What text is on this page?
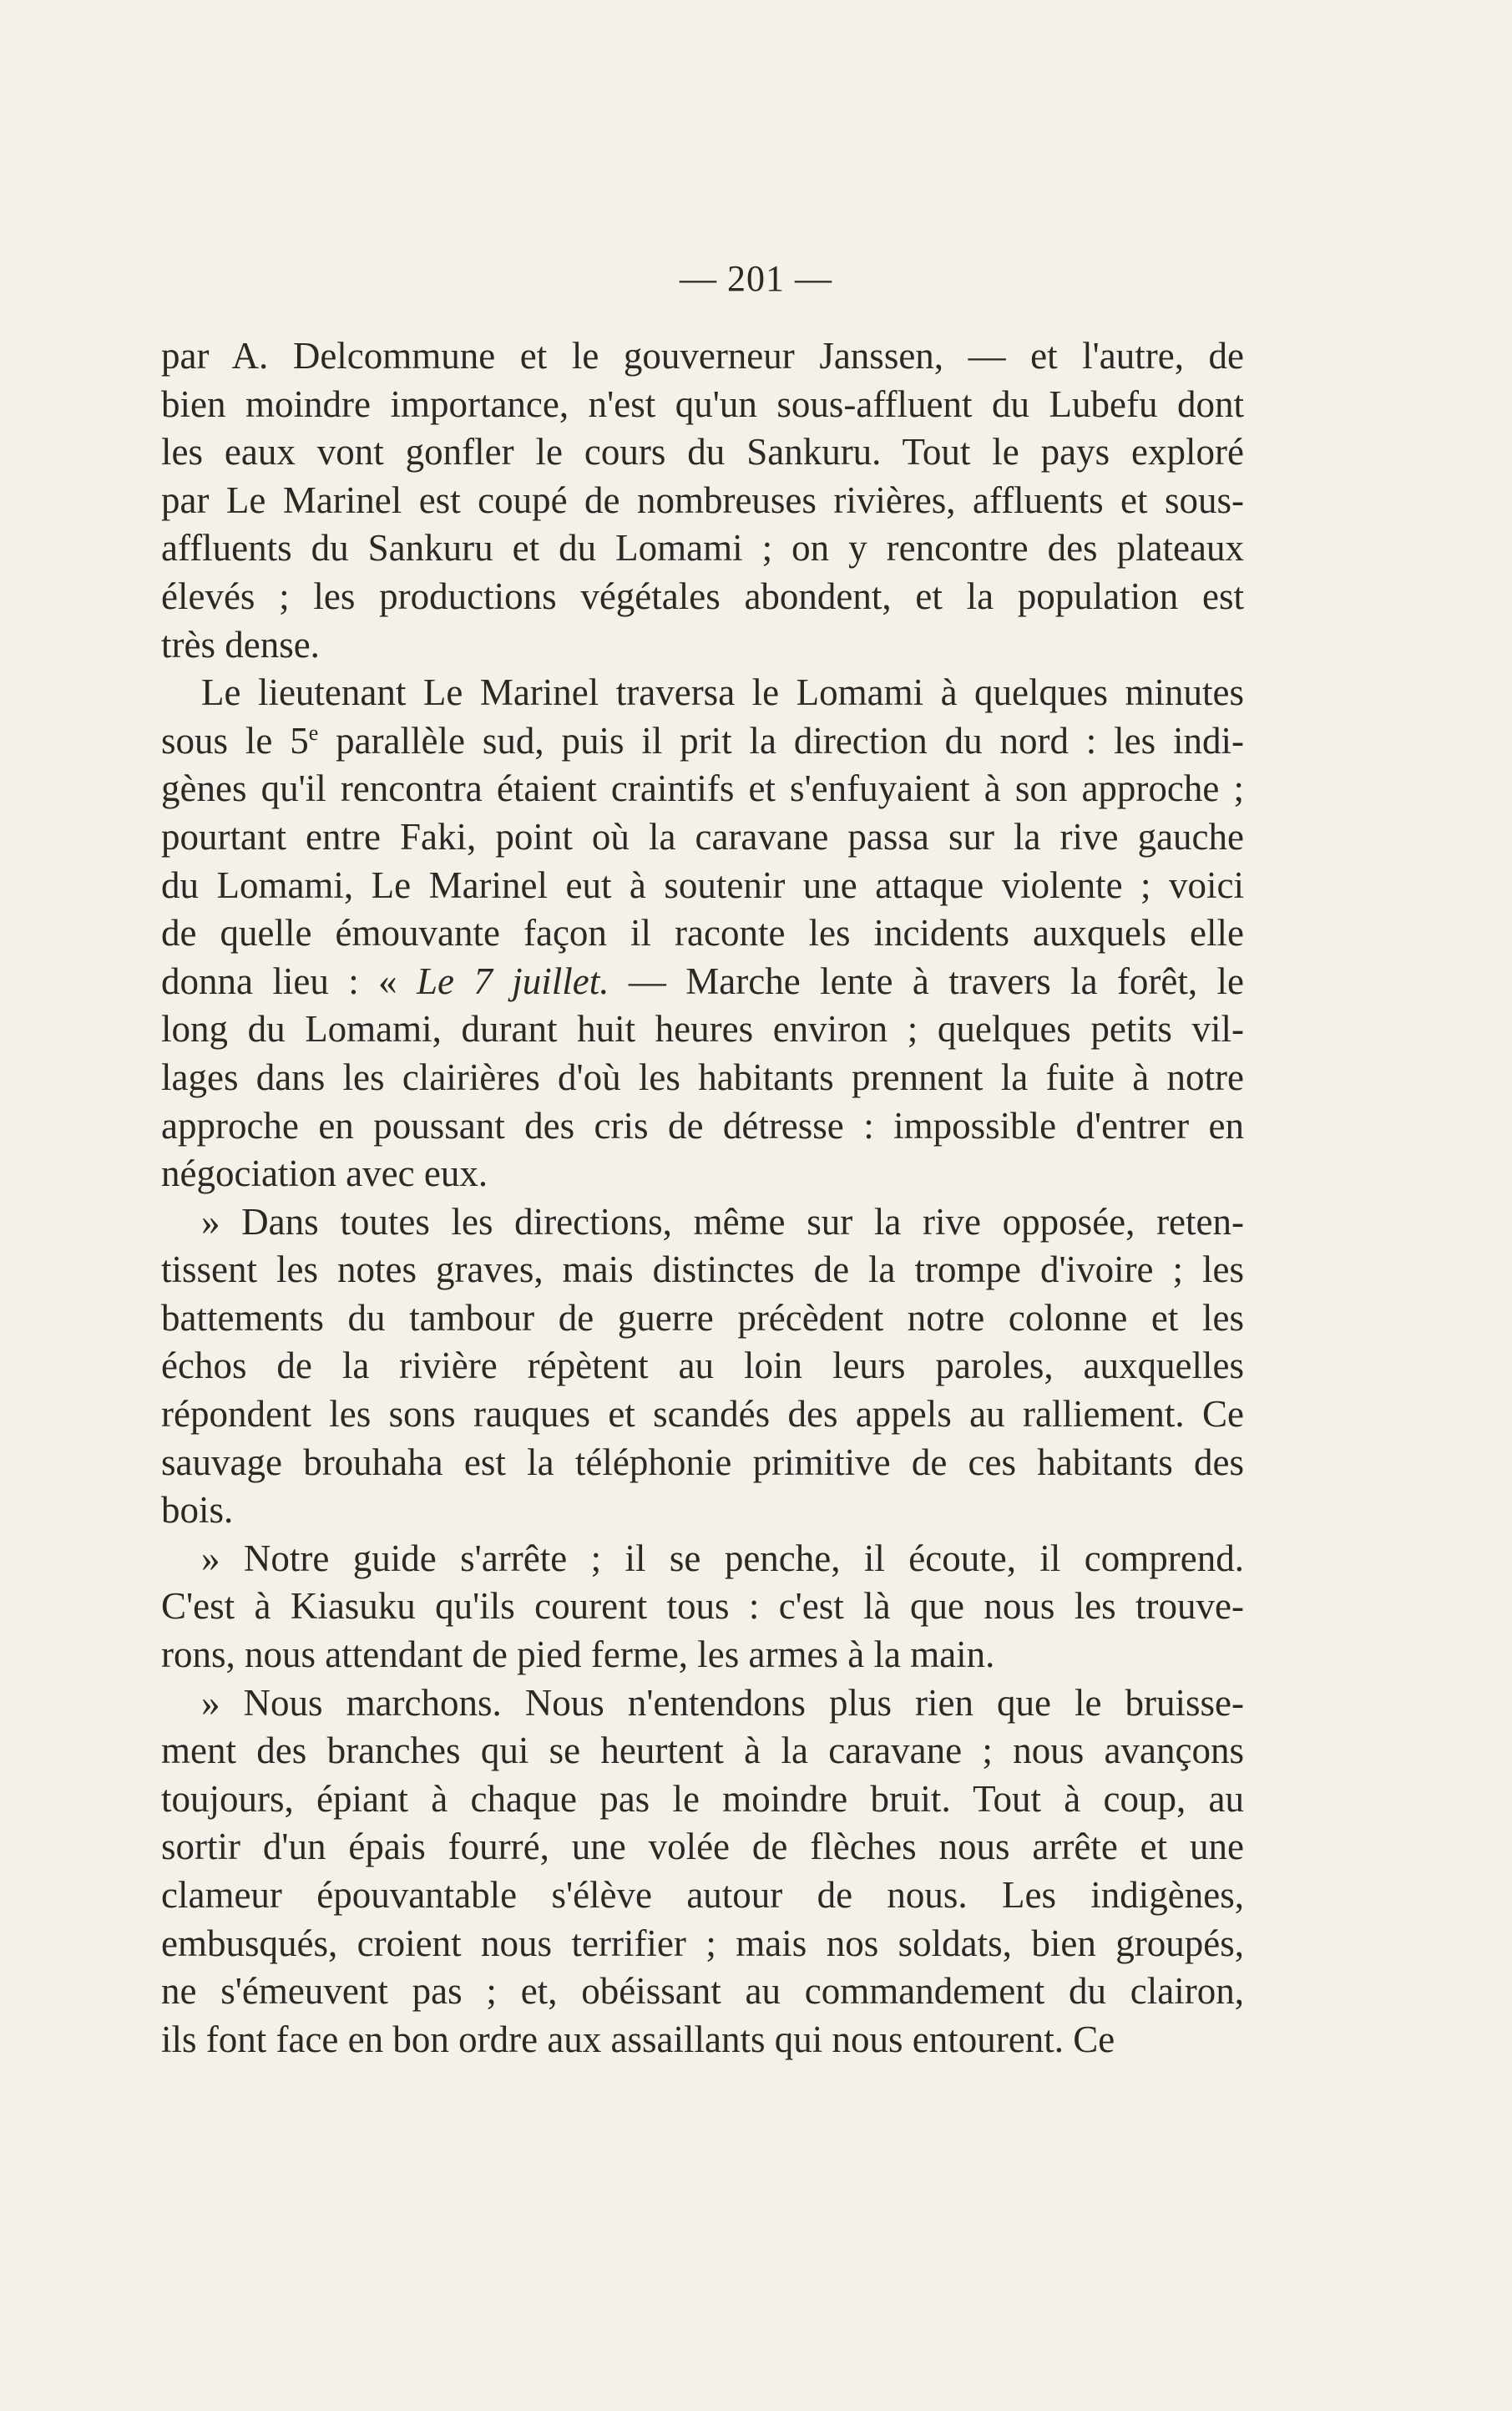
— 201 —

par A. Delcommune et le gouverneur Janssen, — et l'autre, de
bien moindre importance, n'est qu'un sous-affluent du Lubefu dont
les eaux vont gonfler le cours du Sankuru. Tout le pays exploré
par Le Marinel est coupé de nombreuses rivières, affluents et sous-
affluents du Sankuru et du Lomami ; on y rencontre des plateaux
élevés ; les productions végétales abondent, et la population est
très dense.

Le lieutenant Le Marinel traversa le Lomami à quelques minutes
sous le 5e parallèle sud, puis il prit la direction du nord : les indi-
gènes qu'il rencontra étaient craintifs et s'enfuyaient à son approche ;
pourtant entre Faki, point où la caravane passa sur la rive gauche
du Lomami, Le Marinel eut à soutenir une attaque violente ; voici
de quelle émouvante façon il raconte les incidents auxquels elle
donna lieu : « Le 7 juillet. — Marche lente à travers la forêt, le
long du Lomami, durant huit heures environ ; quelques petits vil-
lages dans les clairières d'où les habitants prennent la fuite à notre
approche en poussant des cris de détresse : impossible d'entrer en
négociation avec eux.

» Dans toutes les directions, même sur la rive opposée, reten-
tissent les notes graves, mais distinctes de la trompe d'ivoire ; les
battements du tambour de guerre précèdent notre colonne et les
échos de la rivière répètent au loin leurs paroles, auxquelles
répondent les sons rauques et scandés des appels au ralliement. Ce
sauvage brouhaha est la téléphonie primitive de ces habitants des
bois.

» Notre guide s'arrête ; il se penche, il écoute, il comprend.
C'est à Kiasuku qu'ils courent tous : c'est là que nous les trouve-
rons, nous attendant de pied ferme, les armes à la main.

» Nous marchons. Nous n'entendons plus rien que le bruisse-
ment des branches qui se heurtent à la caravane ; nous avançons
toujours, épiant à chaque pas le moindre bruit. Tout à coup, au
sortir d'un épais fourré, une volée de flèches nous arrête et une
clameur épouvantable s'élève autour de nous. Les indigènes,
embusqués, croient nous terrifier ; mais nos soldats, bien groupés,
ne s'émeuvent pas ; et, obéissant au commandement du clairon,
ils font face en bon ordre aux assaillants qui nous entourent. Ce
